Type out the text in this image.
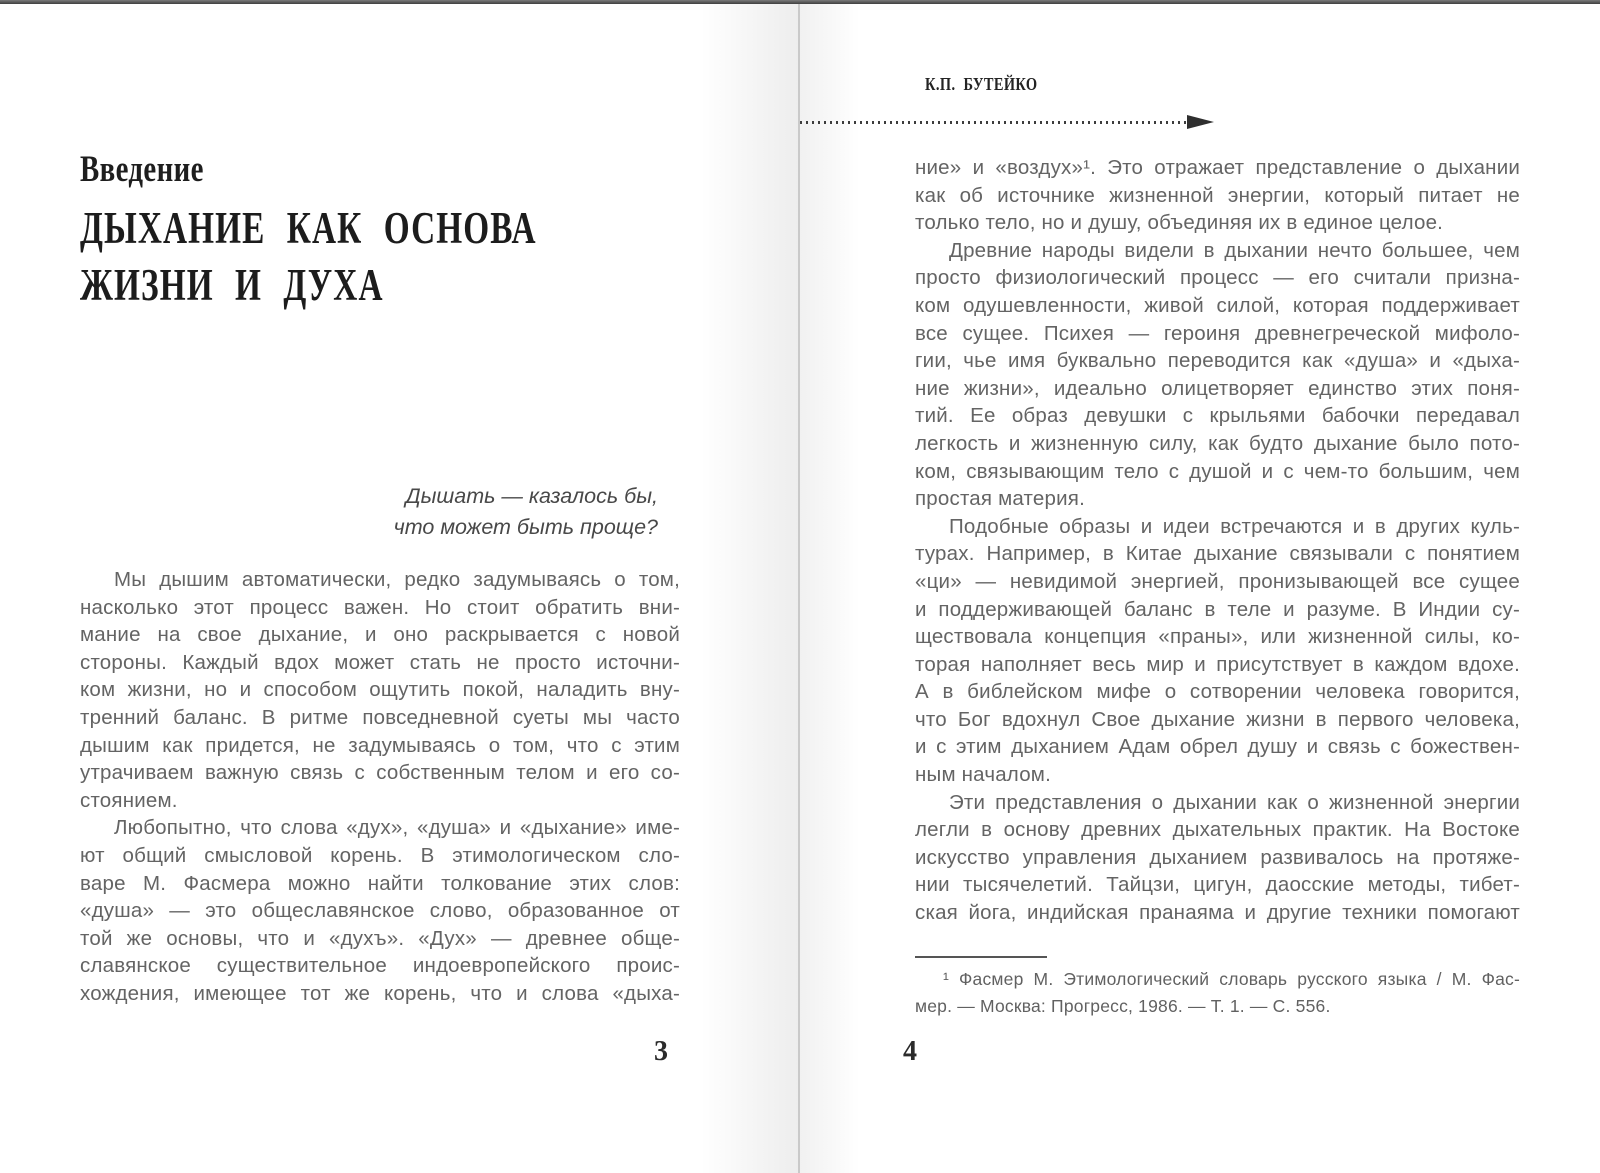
Введение
ДЫХАНИЕ КАК ОСНОВА
ЖИЗНИ И ДУХА
Дышать — казалось бы,
что может быть проще?
Мы дышим автоматически, редко задумываясь о том,
насколько этот процесс важен. Но стоит обратить вни-
мание на свое дыхание, и оно раскрывается с новой
стороны. Каждый вдох может стать не просто источни-
ком жизни, но и способом ощутить покой, наладить вну-
тренний баланс. В ритме повседневной суеты мы часто
дышим как придется, не задумываясь о том, что с этим
утрачиваем важную связь с собственным телом и его со-
стоянием.
Любопытно, что слова «дух», «душа» и «дыхание» име-
ют общий смысловой корень. В этимологическом сло-
варе М. Фасмера можно найти толкование этих слов:
«душа» — это общеславянское слово, образованное от
той же основы, что и «духъ». «Дух» — древнее обще-
славянское существительное индоевропейского проис-
хождения, имеющее тот же корень, что и слова «дыха-
3
К.П. БУТЕЙКО
ние» и «воздух»¹. Это отражает представление о дыхании
как об источнике жизненной энергии, который питает не
только тело, но и душу, объединяя их в единое целое.
Древние народы видели в дыхании нечто большее, чем
просто физиологический процесс — его считали призна-
ком одушевленности, живой силой, которая поддерживает
все сущее. Психея — героиня древнегреческой мифоло-
гии, чье имя буквально переводится как «душа» и «дыха-
ние жизни», идеально олицетворяет единство этих поня-
тий. Ее образ девушки с крыльями бабочки передавал
легкость и жизненную силу, как будто дыхание было пото-
ком, связывающим тело с душой и с чем-то большим, чем
простая материя.
Подобные образы и идеи встречаются и в других куль-
турах. Например, в Китае дыхание связывали с понятием
«ци» — невидимой энергией, пронизывающей все сущее
и поддерживающей баланс в теле и разуме. В Индии су-
ществовала концепция «праны», или жизненной силы, ко-
торая наполняет весь мир и присутствует в каждом вдохе.
А в библейском мифе о сотворении человека говорится,
что Бог вдохнул Свое дыхание жизни в первого человека,
и с этим дыханием Адам обрел душу и связь с божествен-
ным началом.
Эти представления о дыхании как о жизненной энергии
легли в основу древних дыхательных практик. На Востоке
искусство управления дыханием развивалось на протяже-
нии тысячелетий. Тайцзи, цигун, даосские методы, тибет-
ская йога, индийская пранаяма и другие техники помогают
¹ Фасмер М. Этимологический словарь русского языка / М. Фас-
мер. — Москва: Прогресс, 1986. — Т. 1. — С. 556.
4
